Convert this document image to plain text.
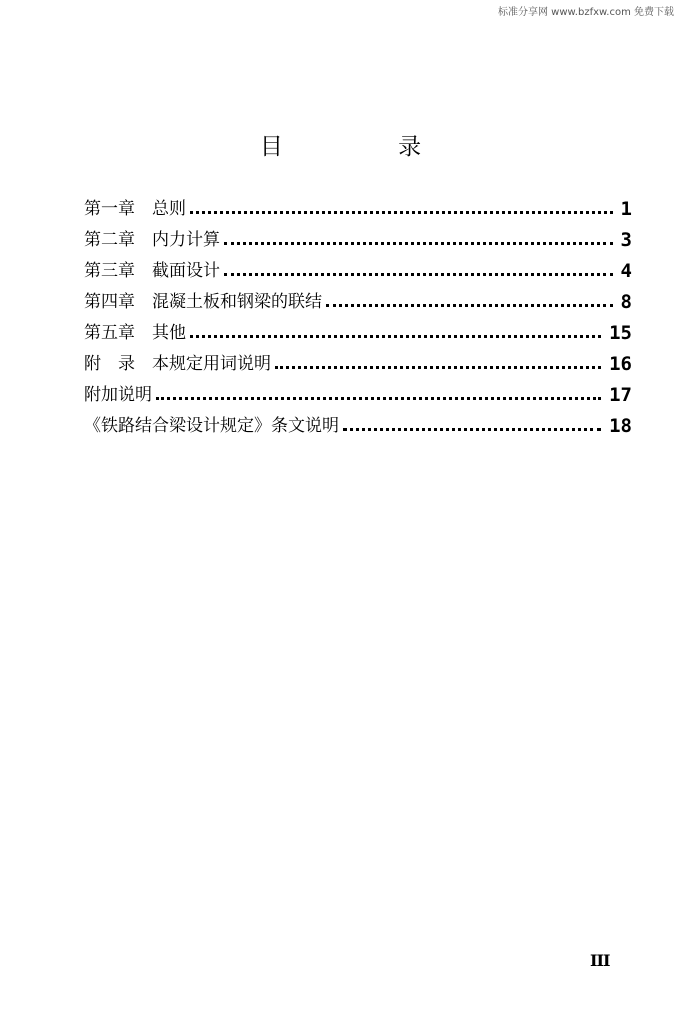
标准分享网 www.bzfxw.com 免费下载
目 录
第一章　总则	1
第二章　内力计算	3
第三章　截面设计	4
第四章　混凝土板和钢梁的联结	8
第五章　其他	15
附　录　本规定用词说明	16
附加说明	17
《铁路结合梁设计规定》条文说明	18
III
